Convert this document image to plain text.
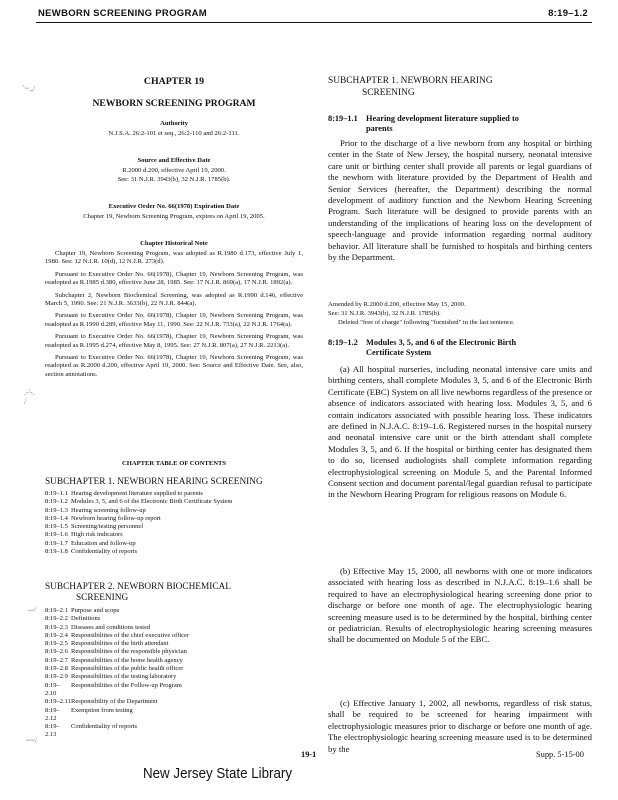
NEWBORN SCREENING PROGRAM	8:19–1.2
`~.,/
.-'-.
/
-~'
~~/
CHAPTER 19
NEWBORN SCREENING PROGRAM
Authority
N.J.S.A. 26:2-101 et seq., 26:2-110 and 26:2-111.
Source and Effective Date
R.2000 d.200, effective April 19, 2000.
See: 31 N.J.R. 3943(b), 32 N.J.R. 1785(b).
Executive Order No. 66(1978) Expiration Date
Chapter 19, Newborn Screening Program, expires on April 19, 2005.
Chapter Historical Note

Chapter 19, Newborn Screening Program, was adopted as R.1980 d.173, effective July 1, 1980. See: 12 N.J.R. 10(d), 12 N.J.R. 273(d).

Pursuant to Executive Order No. 66(1978), Chapter 19, Newborn Screening Program, was readopted as R.1985 d.380, effective June 28, 1985. See: 17 N.J.R. 869(a), 17 N.J.R. 1892(a).

Subchapter 2, Newborn Biochemical Screening, was adopted as R.1990 d.146, effective March 5, 1990. See: 21 N.J.R. 3633(b), 22 N.J.R. 844(a).

Pursuant to Executive Order No. 66(1978), Chapter 19, Newborn Screening Program, was readopted as R.1990 d.289, effective May 11, 1990. See: 22 N.J.R. 733(a), 22 N.J.R. 1764(a).

Pursuant to Executive Order No. 66(1978), Chapter 19, Newborn Screening Program, was readopted as R.1995 d.274, effective May 8, 1995. See: 27 N.J.R. 807(a), 27 N.J.R. 2213(a).

Pursuant to Executive Order No. 66(1978), Chapter 19, Newborn Screening Program, was readopted as R.2000 d.200, effective April 19, 2000. See: Source and Effective Date. See, also, section annotations.

CHAPTER TABLE OF CONTENTS
SUBCHAPTER 1. NEWBORN HEARING SCREENING
8:19–1.1 Hearing development literature supplied to parents
8:19–1.2 Modules 3, 5, and 6 of the Electronic Birth Certificate System
8:19–1.3 Hearing screening follow-up
8:19–1.4 Newborn hearing follow-up report
8:19–1.5 Screening/testing personnel
8:19–1.6 High risk indicators
8:19–1.7 Education and follow-up
8:19–1.8 Confidentiality of reports
SUBCHAPTER 2. NEWBORN BIOCHEMICAL
SCREENING
8:19–2.1 Purpose and scope
8:19–2.2 Definitions
8:19–2.3 Diseases and conditions tested
8:19–2.4 Responsibilities of the chief executive officer
8:19–2.5 Responsibilities of the birth attendant
8:19–2.6 Responsibilities of the responsible physician
8:19–2.7 Responsibilities of the home health agency
8:19–2.8 Responsibilities of the public health officer
8:19–2.9 Responsibilities of the testing laboratory
8:19–2.10
Responsibilities of the Follow-up Program
8:19–2.11 Responsibility of the Department
8:19–2.12
Exemption from testing
8:19–2.13
Confidentiality of reports
SUBCHAPTER 1. NEWBORN HEARING
SCREENING
8:19–1.1 Hearing development literature supplied to
parents
Prior to the discharge of a live newborn from any hospital or birthing center in the State of New Jersey, the hospital nursery, neonatal intensive care unit or birthing center shall provide all parents or legal guardians of the newborn with literature provided by the Department of Health and Senior Services (hereafter, the Department) describing the normal development of auditory function and the Newborn Hearing Screening Program. Such literature will be designed to provide parents with an understanding of the implications of hearing loss on the development of speech-language and provide information regarding normal auditory behavior. All literature shall be furnished to hospitals and birthing centers by the Department.
Amended by R.2000 d.200, effective May 15, 2000.
See: 31 N.J.R. 3943(b), 32 N.J.R. 1785(b).
Deleted "free of charge" following "furnished" in the last sentence.
8:19–1.2 Modules 3, 5, and 6 of the Electronic Birth
Certificate System
(a) All hospital nurseries, including neonatal intensive care units and birthing centers, shall complete Modules 3, 5, and 6 of the Electronic Birth Certificate (EBC) System on all live newborns regardless of the presence or absence of indicators associated with hearing loss. Modules 3, 5, and 6 contain indicators associated with possible hearing loss. These indicators are defined in N.J.A.C. 8:19–1.6. Registered nurses in the hospital nursery and neonatal intensive care unit or the birth attendant shall complete Modules 3, 5, and 6. If the hospital or birthing center has designated them to do so, licensed audiologists shall complete information regarding electrophysiological screening on Module 5, and the Parental Informed Consent section and document parental/legal guardian refusal to participate in the Newborn Hearing Program for religious reasons on Module 6.
(b) Effective May 15, 2000, all newborns with one or more indicators associated with hearing loss as described in N.J.A.C. 8:19–1.6 shall be required to have an electrophysiological hearing screening done prior to discharge or before one month of age. The electrophysiologic hearing screening measure used is to be determined by the hospital, birthing center or pediatrician. Results of electrophysiologic hearing screening measures shall be documented on Module 5 of the EBC.
(c) Effective January 1, 2002, all newborns, regardless of risk status, shall be required to be screened for hearing impairment with electrophysiologic measures prior to discharge or before one month of age. The electrophysiologic hearing screening measure used is to be determined by the
19-1	Supp. 5-15-00
New Jersey State Library
